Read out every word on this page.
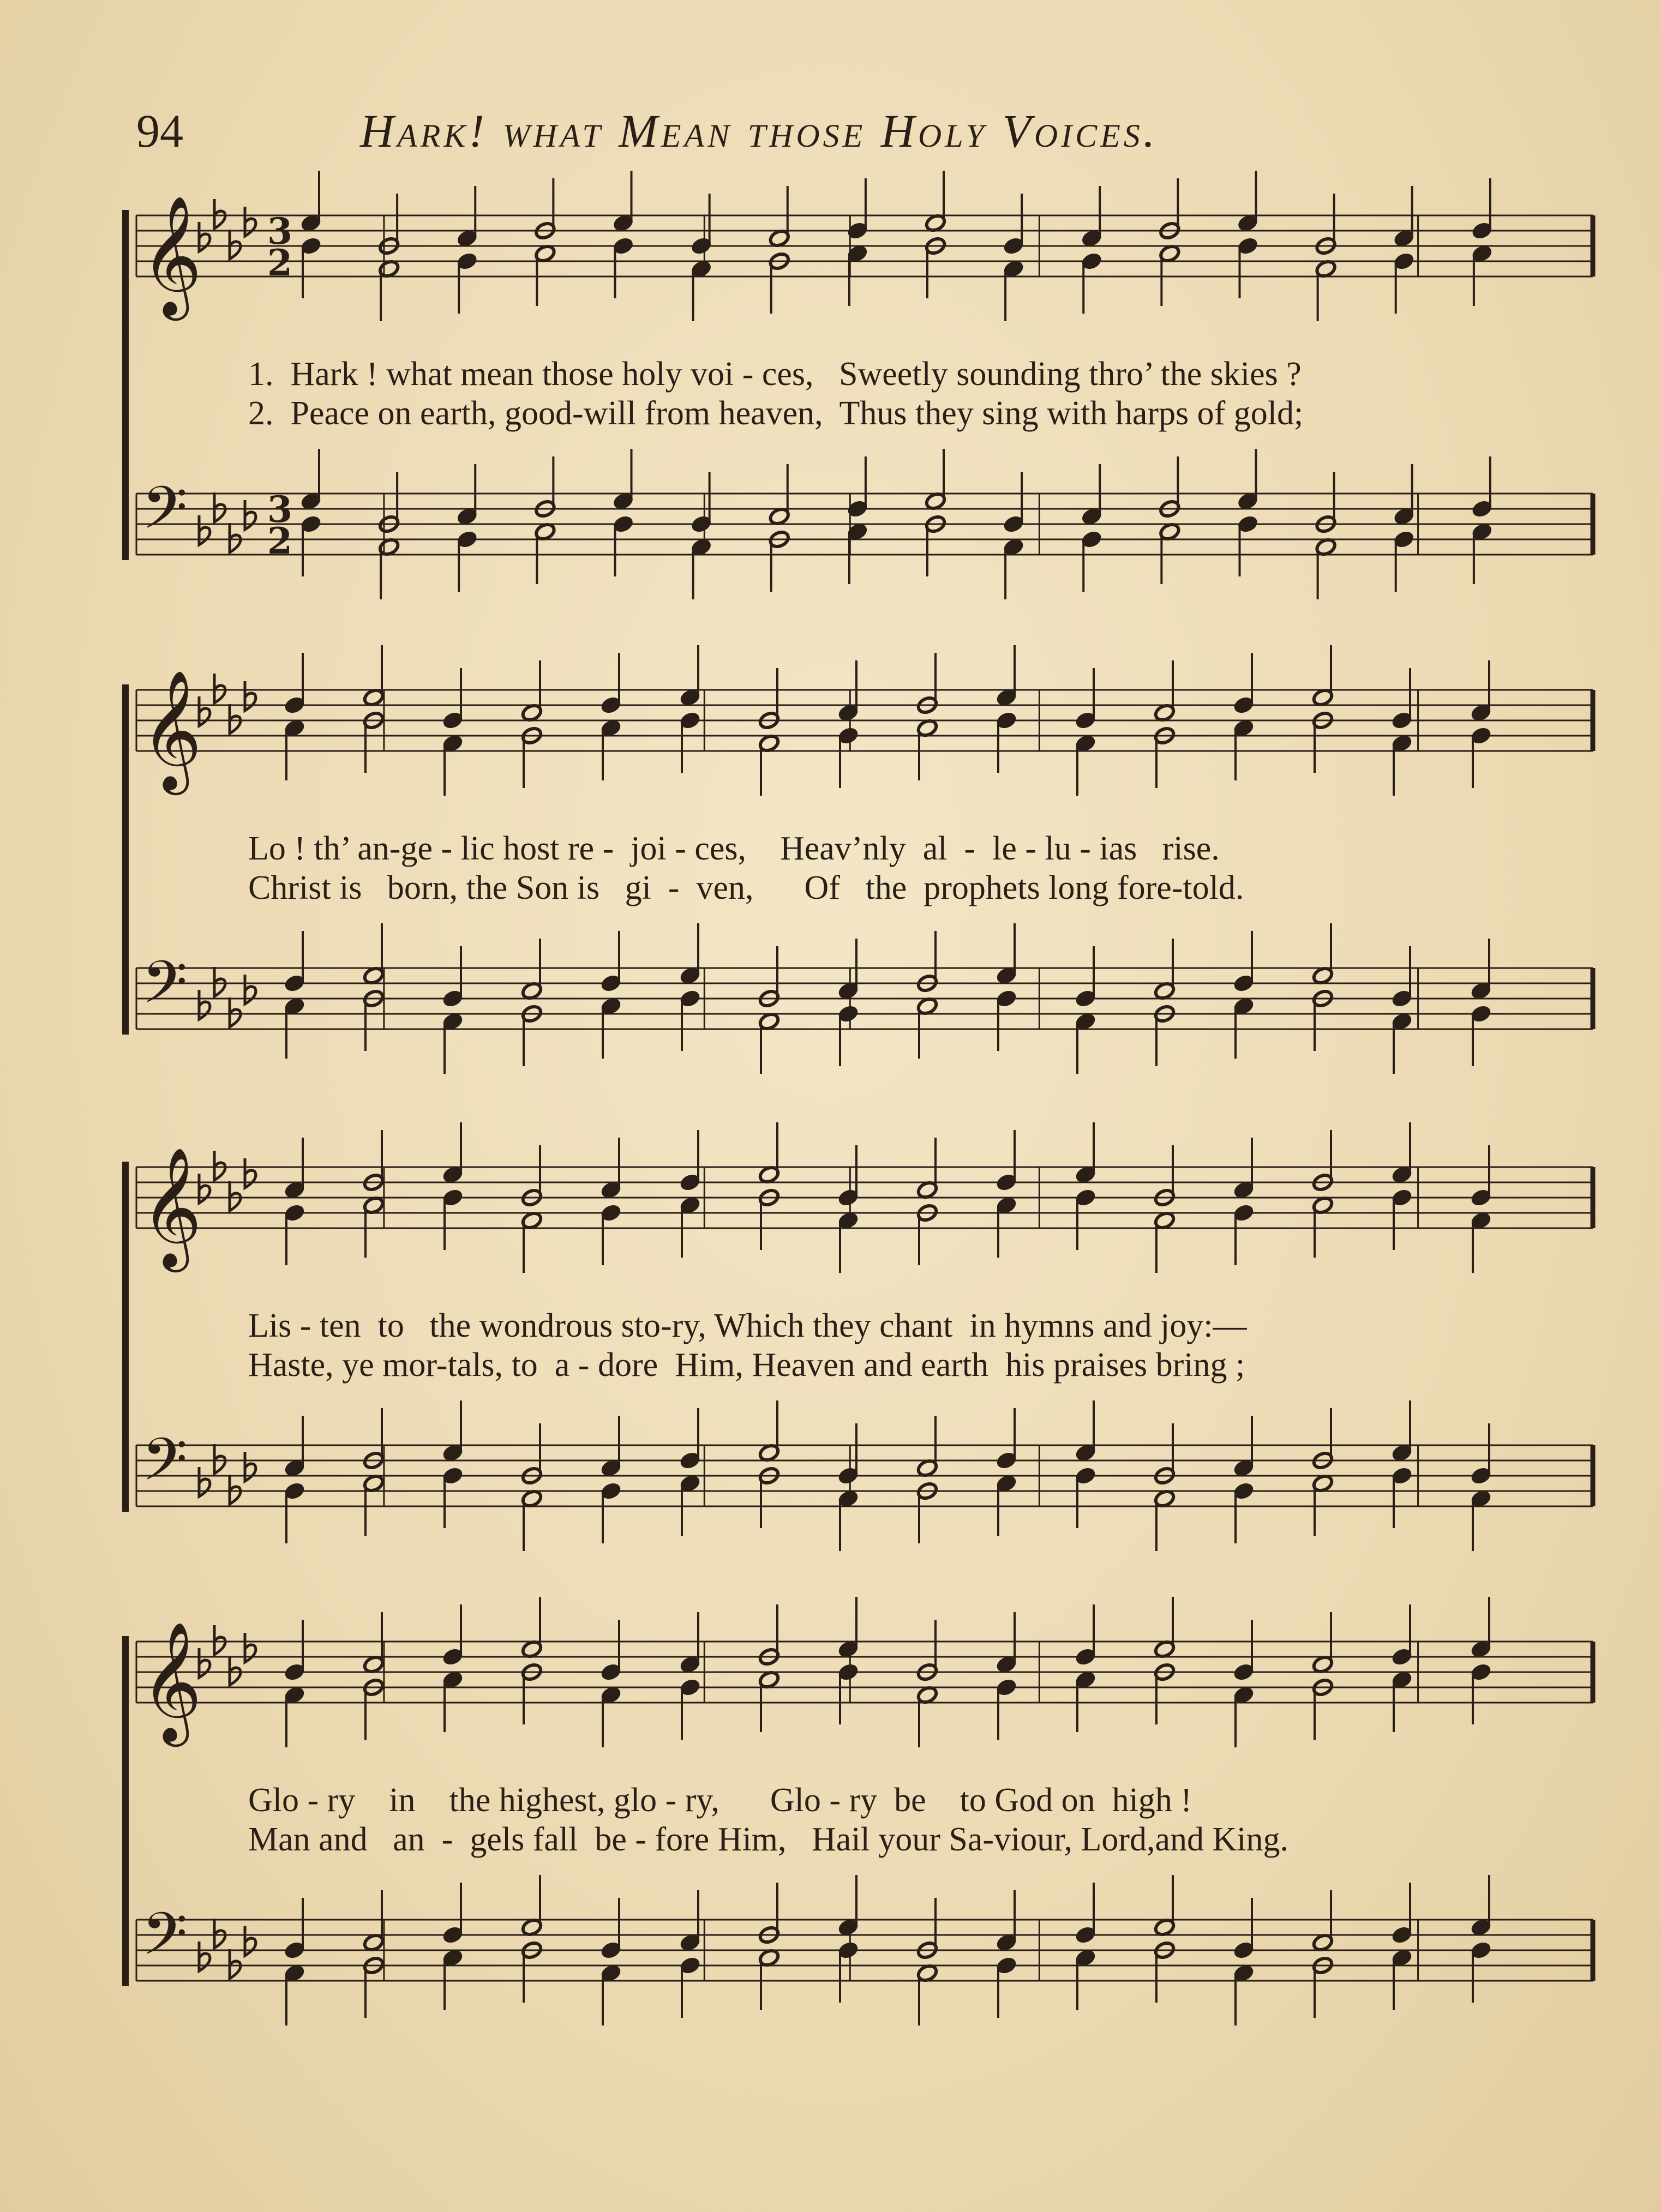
94	Hark! what Mean those Holy Voices.
𝄞 3
2
𝄢 3
2
𝄞
𝄢
𝄞
𝄢
𝄞
𝄢
1.  Hark ! what mean those holy voi - ces,   Sweetly sounding thro’ the skies ?
2.  Peace on earth, good-will from heaven,  Thus they sing with harps of gold;
Lo ! th’ an-ge - lic host re -  joi - ces,    Heav’nly  al  -  le - lu - ias   rise.
Christ is   born, the Son is   gi  -  ven,      Of   the  prophets long fore-told.
Lis - ten  to   the wondrous sto-ry, Which they chant  in hymns and joy:—
Haste, ye mor-tals, to  a - dore  Him, Heaven and earth  his praises bring ;
Glo - ry    in    the highest, glo - ry,      Glo - ry  be    to God on  high !
Man and   an  -  gels fall  be - fore Him,   Hail your Sa-viour, Lord,and King.
